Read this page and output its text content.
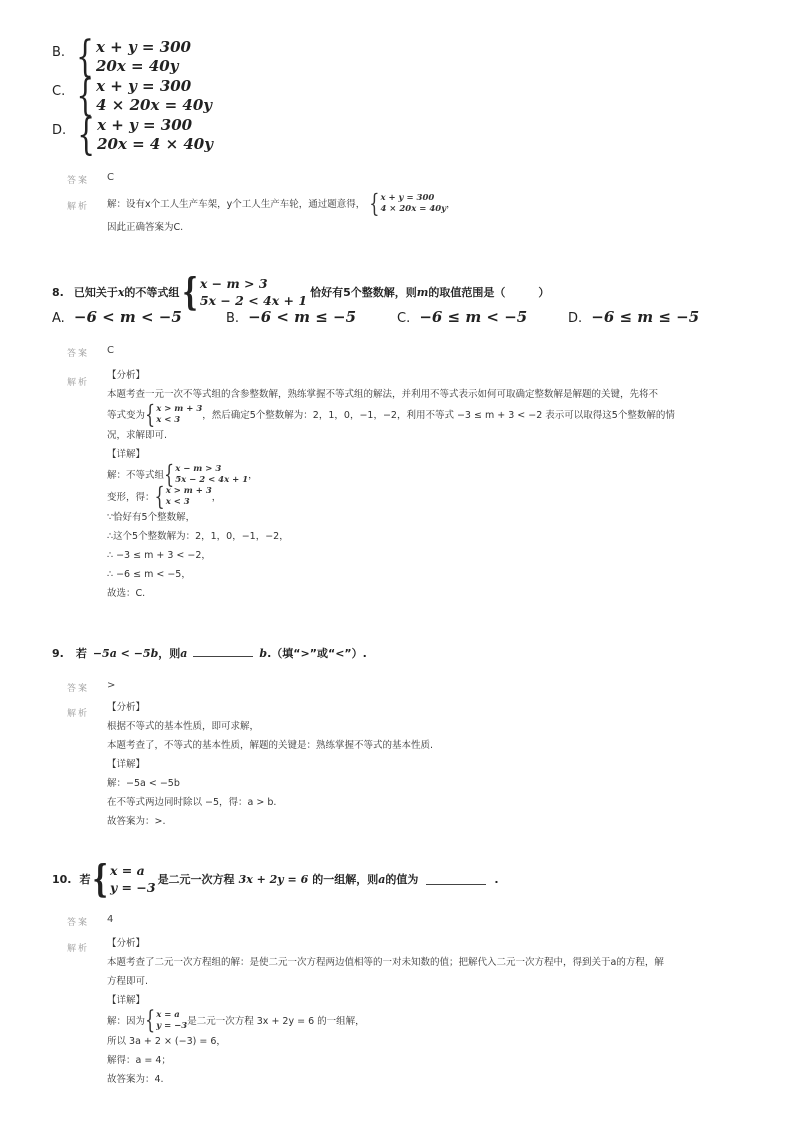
$^{B.}$ { x + y = 300
20x = 40y
$^{C.}$ { x + y = 300
4 × 20x = 40y
$^{D.}$ { x + y = 300
20x = 4 × 40y
答案 C
解析 解：设有x个工人生产车架，y个工人生产车轮，通过题意得， { x + y = 300
4 × 20x = 40y ，
因此正确答案为C.
8. 已知关于 x 的不等式组 { x − m > 3
5x − 2 < 4x + 1
恰好有5个整数解，则 m 的取值范围是（　　　）
A. −6 < m < −5	B. −6 < m ≤ −5	C. −6 ≤ m < −5	D. −6 ≤ m ≤ −5
答案 C
解析
【分析】
本题考查一元一次不等式组的含参整数解，熟练掌握不等式组的解法，并利用不等式表示如何可取确定整数解是解题的关键，先将不
等式变为 { x > m + 3
x < 3	，然后确定5个整数解为：2，1，0，−1，−2，利用不等式 −3 ≤ m + 3 < −2 表示可以取得这5个整数解的情
况，求解即可.
【详解】
解：不等式组 { x − m > 3
5x − 2 < 4x + 1 ，
变形，得： { x > m + 3
x < 3	，
∵恰好有5个整数解，
∴这个5个整数解为：2，1，0，−1，−2，
∴ −3 ≤ m + 3 < −2，
∴ −6 ≤ m < −5，
故选：C.
9. 若 −5a < −5b ，则 a	b .（填“>”或“<”）.
答案 >
解析
【分析】
根据不等式的基本性质，即可求解，
本题考查了，不等式的基本性质，解题的关键是：熟练掌握不等式的基本性质.
【详解】
解：−5a < −5b
在不等式两边同时除以 −5，得：a > b.
故答案为：>.
10. 若 { x = a
y = −3
是二元一次方程 3x + 2y = 6 的一组解，则 a 的值为	.
答案 4
解析 【分析】
本题考查了二元一次方程组的解：是使二元一次方程两边值相等的一对未知数的值；把解代入二元一次方程中，得到关于a的方程，解
方程即可.
【详解】
解：因为 { x = a
y = −3 是二元一次方程 3x + 2y = 6 的一组解，
所以 3a + 2 × (−3) = 6，
解得：a = 4；
故答案为：4.
